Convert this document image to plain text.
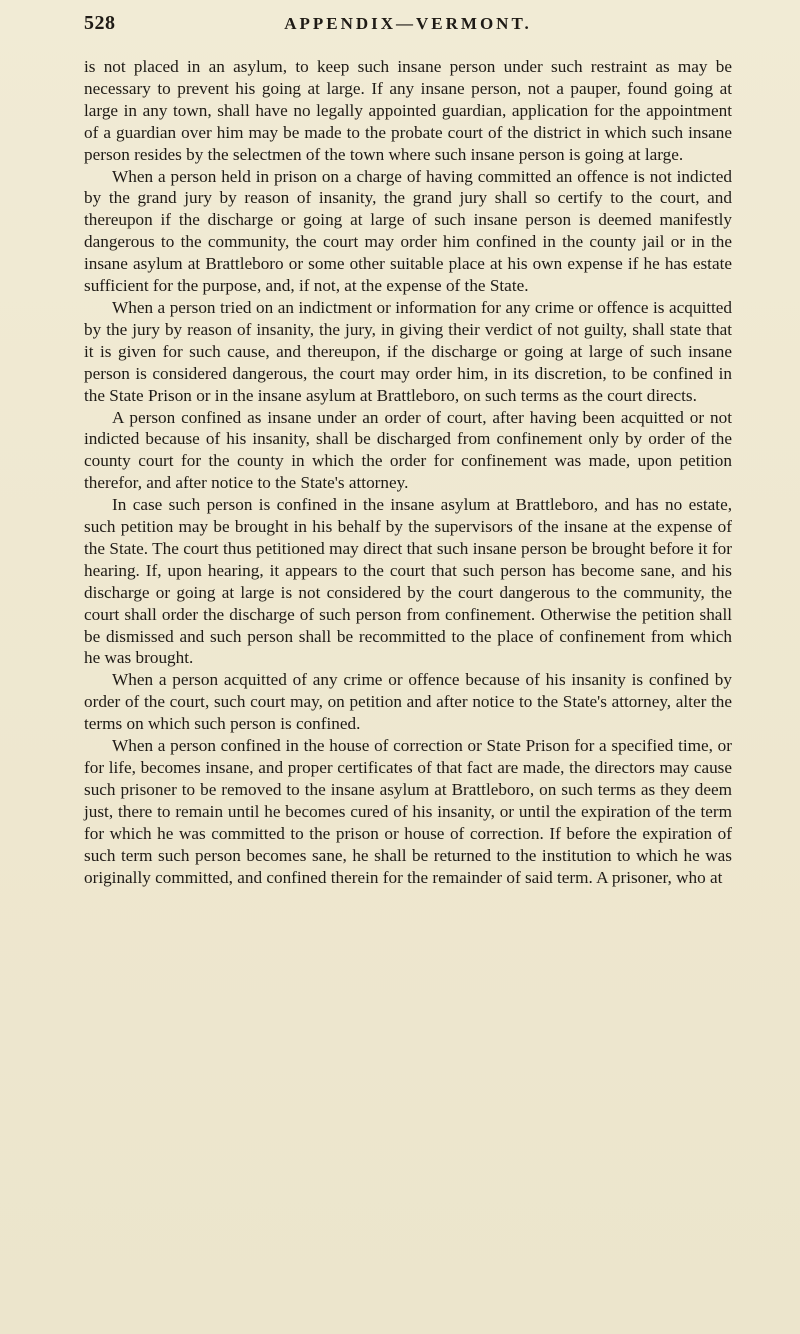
528	APPENDIX—VERMONT.

is not placed in an asylum, to keep such insane person under such restraint as may be necessary to prevent his going at large. If any insane person, not a pauper, found going at large in any town, shall have no legally appointed guardian, application for the appointment of a guardian over him may be made to the probate court of the district in which such insane person resides by the selectmen of the town where such insane person is going at large.

When a person held in prison on a charge of having committed an offence is not indicted by the grand jury by reason of insanity, the grand jury shall so certify to the court, and thereupon if the discharge or going at large of such insane person is deemed manifestly dangerous to the community, the court may order him confined in the county jail or in the insane asylum at Brattleboro or some other suitable place at his own expense if he has estate sufficient for the purpose, and, if not, at the expense of the State.

When a person tried on an indictment or information for any crime or offence is acquitted by the jury by reason of insanity, the jury, in giving their verdict of not guilty, shall state that it is given for such cause, and thereupon, if the discharge or going at large of such insane person is considered dangerous, the court may order him, in its discretion, to be confined in the State Prison or in the insane asylum at Brattleboro, on such terms as the court directs.

A person confined as insane under an order of court, after having been acquitted or not indicted because of his insanity, shall be discharged from confinement only by order of the county court for the county in which the order for confinement was made, upon petition therefor, and after notice to the State's attorney.

In case such person is confined in the insane asylum at Brattleboro, and has no estate, such petition may be brought in his behalf by the supervisors of the insane at the expense of the State. The court thus petitioned may direct that such insane person be brought before it for hearing. If, upon hearing, it appears to the court that such person has become sane, and his discharge or going at large is not considered by the court dangerous to the community, the court shall order the discharge of such person from confinement. Otherwise the petition shall be dismissed and such person shall be recommitted to the place of confinement from which he was brought.

When a person acquitted of any crime or offence because of his insanity is confined by order of the court, such court may, on petition and after notice to the State's attorney, alter the terms on which such person is confined.

When a person confined in the house of correction or State Prison for a specified time, or for life, becomes insane, and proper certificates of that fact are made, the directors may cause such prisoner to be removed to the insane asylum at Brattleboro, on such terms as they deem just, there to remain until he becomes cured of his insanity, or until the expiration of the term for which he was committed to the prison or house of correction. If before the expiration of such term such person becomes sane, he shall be returned to the institution to which he was originally committed, and confined therein for the remainder of said term. A prisoner, who at
